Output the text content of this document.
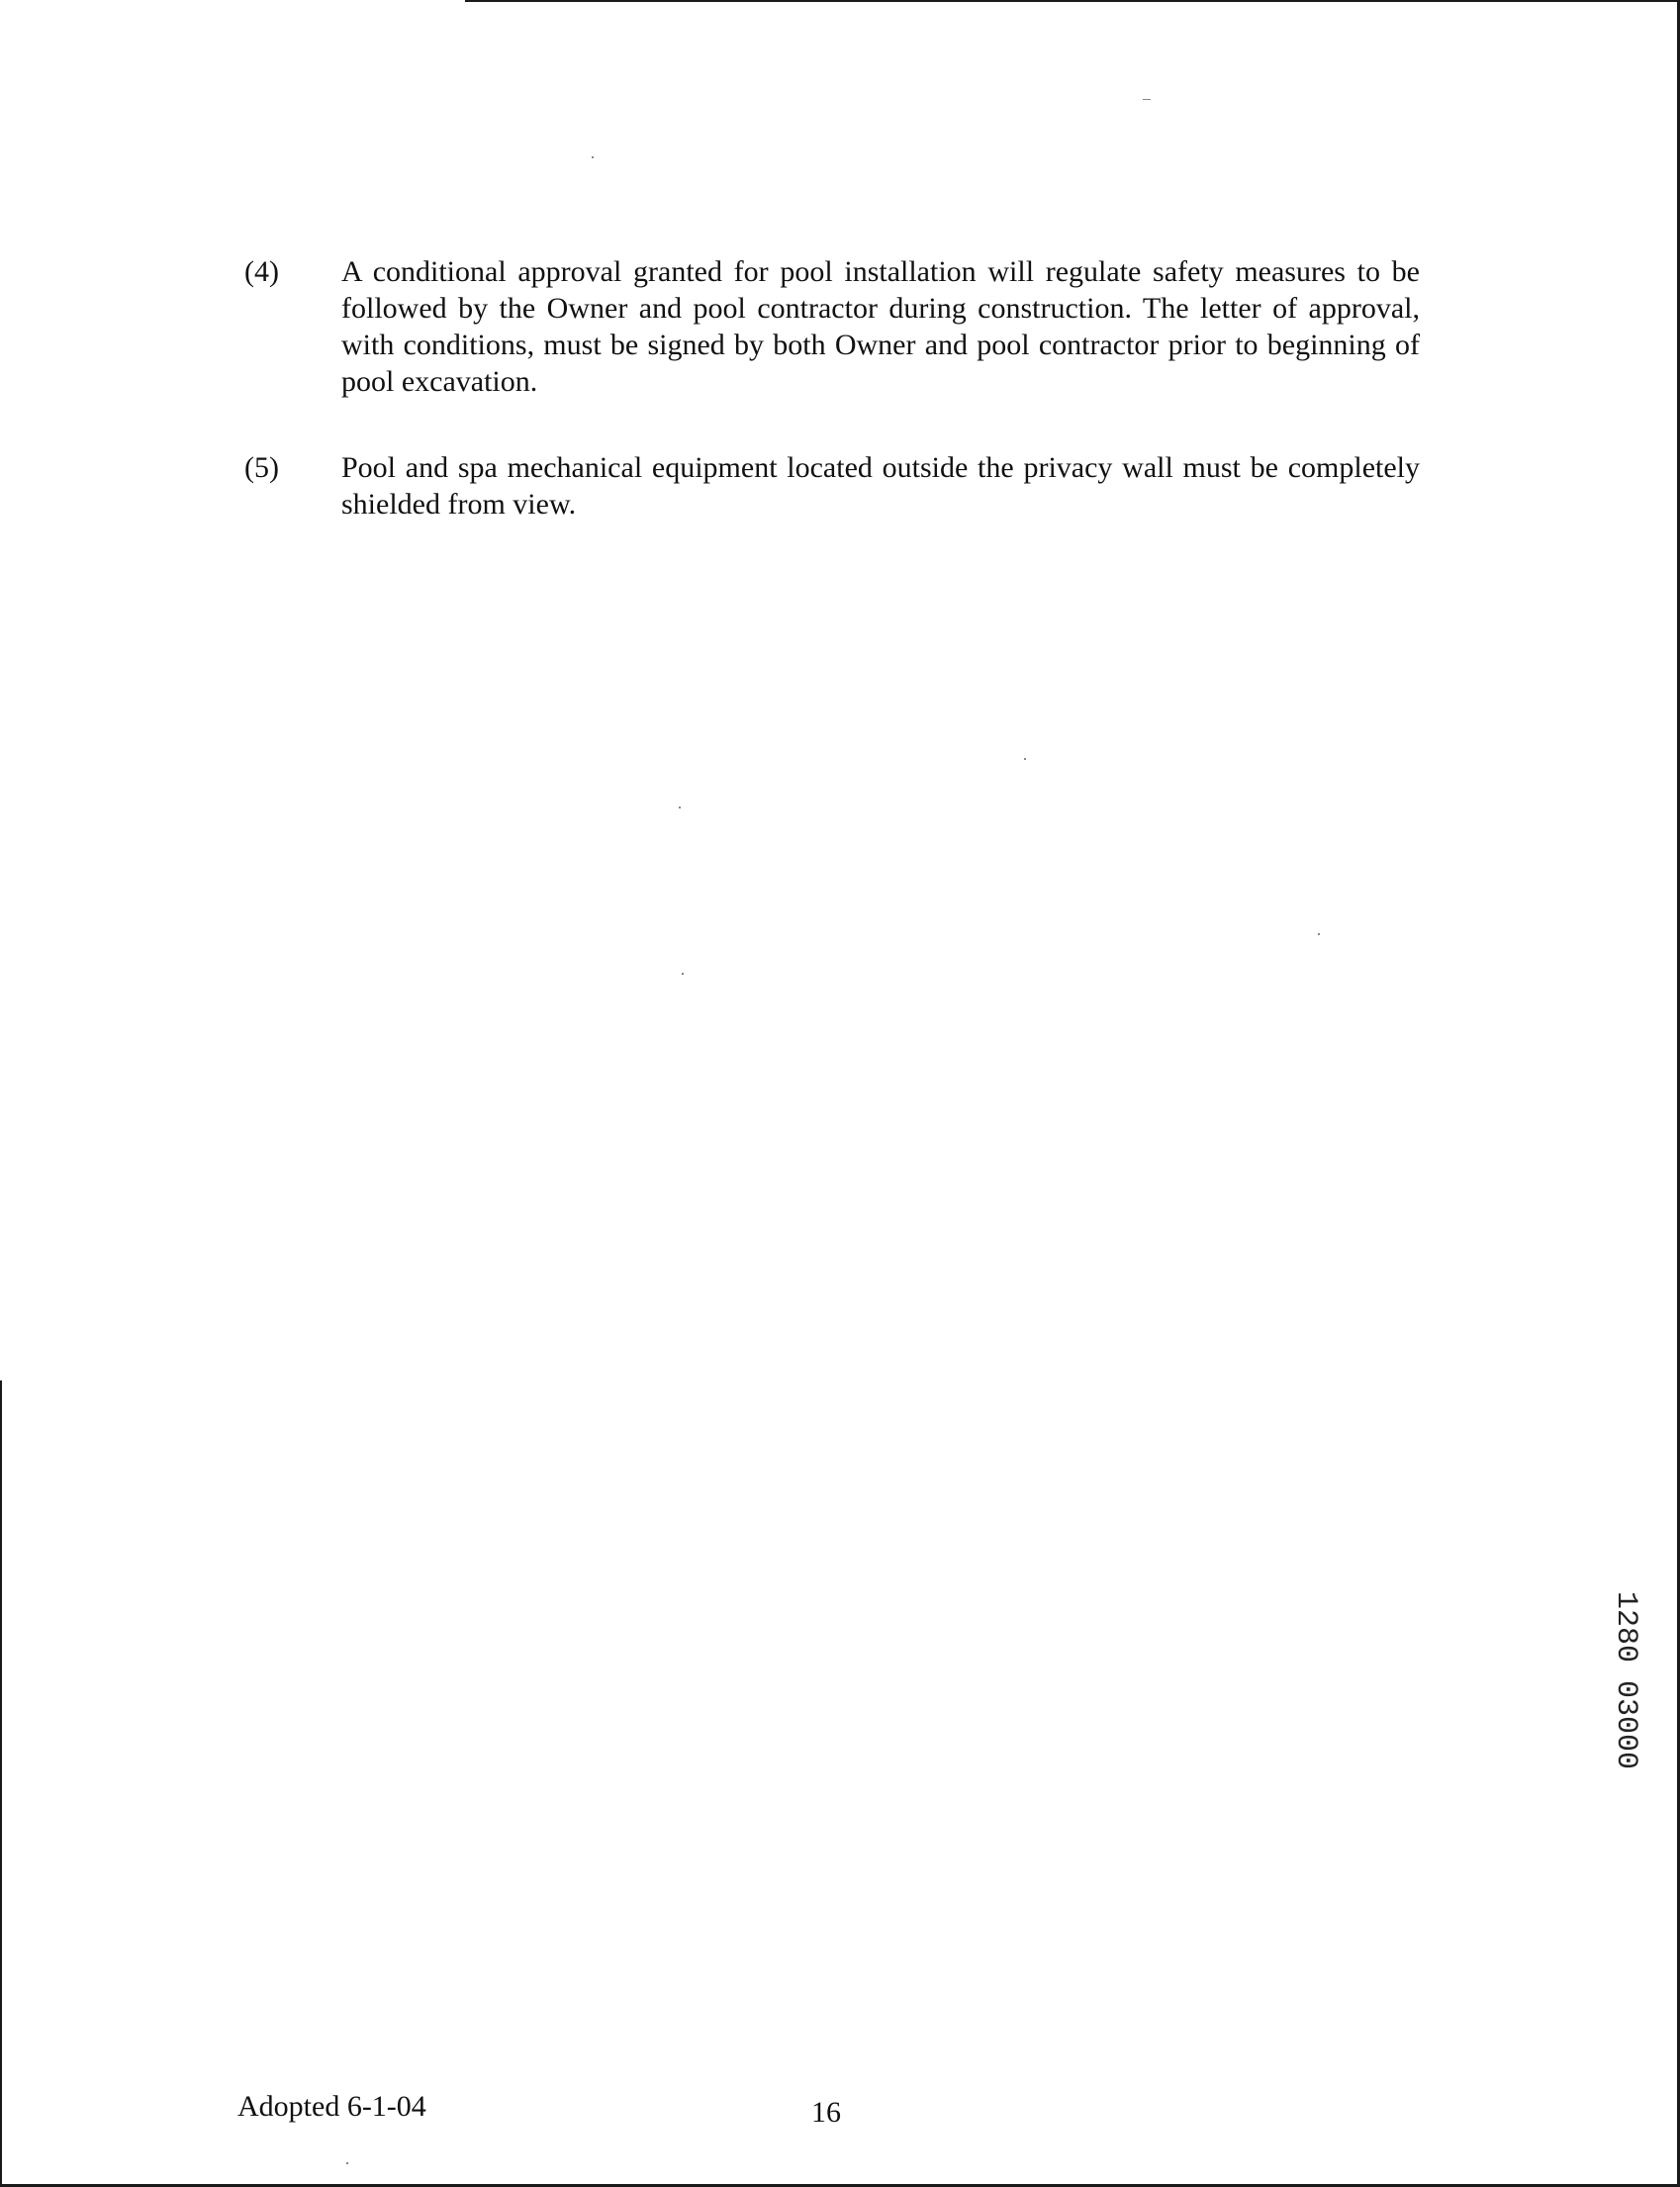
(4)	A conditional approval granted for pool installation will regulate safety measures to be followed by the Owner and pool contractor during construction. The letter of approval, with conditions, must be signed by both Owner and pool contractor prior to beginning of pool excavation.
(5)	Pool and spa mechanical equipment located outside the privacy wall must be completely shielded from view.
Adopted 6-1-04	16
1280 03000
